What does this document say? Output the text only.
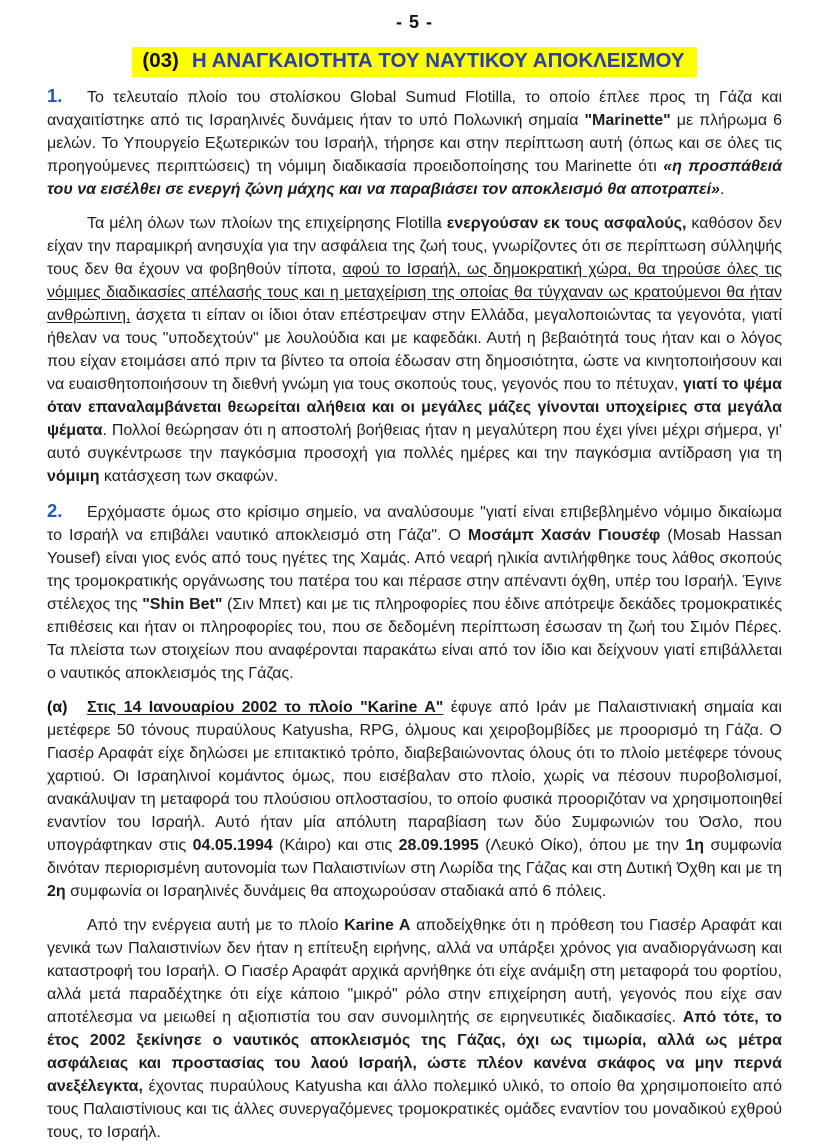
- 5 -
(03) Η ΑΝΑΓΚΑΙΟΤΗΤΑ ΤΟΥ ΝΑΥΤΙΚΟΥ ΑΠΟΚΛΕΙΣΜΟΥ

1. Το τελευταίο πλοίο του στολίσκου Global Sumud Flotilla, το οποίο έπλεε προς τη Γάζα και αναχαιτίστηκε από τις Ισραηλινές δυνάμεις ήταν το υπό Πολωνική σημαία "Marinette" με πλήρωμα 6 μελών. Το Υπουργείο Εξωτερικών του Ισραήλ, τήρησε και στην περίπτωση αυτή (όπως και σε όλες τις προηγούμενες περιπτώσεις) τη νόμιμη διαδικασία προειδοποίησης του Marinette ότι «η προσπάθειά του να εισέλθει σε ενεργή ζώνη μάχης και να παραβιάσει τον αποκλεισμό θα αποτραπεί».

Τα μέλη όλων των πλοίων της επιχείρησης Flotilla ενεργούσαν εκ τους ασφαλούς, καθόσον δεν είχαν την παραμικρή ανησυχία για την ασφάλεια της ζωή τους, γνωρίζοντες ότι σε περίπτωση σύλληψής τους δεν θα έχουν να φοβηθούν τίποτα, αφού το Ισραήλ, ως δημοκρατική χώρα, θα τηρούσε όλες τις νόμιμες διαδικασίες απέλασής τους και η μεταχείριση της οποίας θα τύγχαναν ως κρατούμενοι θα ήταν ανθρώπινη, άσχετα τι είπαν οι ίδιοι όταν επέστρεψαν στην Ελλάδα, μεγαλοποιώντας τα γεγονότα, γιατί ήθελαν να τους "υποδεχτούν" με λουλούδια και με καφεδάκι. Αυτή η βεβαιότητά τους ήταν και ο λόγος που είχαν ετοιμάσει από πριν τα βίντεο τα οποία έδωσαν στη δημοσιότητα, ώστε να κινητοποιήσουν και να ευαισθητοποιήσουν τη διεθνή γνώμη για τους σκοπούς τους, γεγονός που το πέτυχαν, γιατί το ψέμα όταν επαναλαμβάνεται θεωρείται αλήθεια και οι μεγάλες μάζες γίνονται υποχείριες στα μεγάλα ψέματα. Πολλοί θεώρησαν ότι η αποστολή βοήθειας ήταν η μεγαλύτερη που έχει γίνει μέχρι σήμερα, γι' αυτό συγκέντρωσε την παγκόσμια προσοχή για πολλές ημέρες και την παγκόσμια αντίδραση για τη νόμιμη κατάσχεση των σκαφών.

2. Ερχόμαστε όμως στο κρίσιμο σημείο, να αναλύσουμε "γιατί είναι επιβεβλημένο νόμιμο δικαίωμα το Ισραήλ να επιβάλει ναυτικό αποκλεισμό στη Γάζα". Ο Μοσάμπ Χασάν Γιουσέφ (Mosab Hassan Yousef) είναι γιος ενός από τους ηγέτες της Χαμάς. Από νεαρή ηλικία αντιλήφθηκε τους λάθος σκοπούς της τρομοκρατικής οργάνωσης του πατέρα του και πέρασε στην απέναντι όχθη, υπέρ του Ισραήλ. Έγινε στέλεχος της "Shin Bet" (Σιν Μπετ) και με τις πληροφορίες που έδινε απότρεψε δεκάδες τρομοκρατικές επιθέσεις και ήταν οι πληροφορίες του, που σε δεδομένη περίπτωση έσωσαν τη ζωή του Σιμόν Πέρες. Τα πλείστα των στοιχείων που αναφέρονται παρακάτω είναι από τον ίδιο και δείχνουν γιατί επιβάλλεται ο ναυτικός αποκλεισμός της Γάζας.

(α) Στις 14 Ιανουαρίου 2002 το πλοίο "Karine A" έφυγε από Ιράν με Παλαιστινιακή σημαία και μετέφερε 50 τόνους πυραύλους Katyusha, RPG, όλμους και χειροβομβίδες με προορισμό τη Γάζα. Ο Γιασέρ Αραφάτ είχε δηλώσει με επιτακτικό τρόπο, διαβεβαιώνοντας όλους ότι το πλοίο μετέφερε τόνους χαρτιού. Οι Ισραηλινοί κομάντος όμως, που εισέβαλαν στο πλοίο, χωρίς να πέσουν πυροβολισμοί, ανακάλυψαν τη μεταφορά του πλούσιου οπλοστασίου, το οποίο φυσικά προοριζόταν να χρησιμοποιηθεί εναντίον του Ισραήλ. Αυτό ήταν μία απόλυτη παραβίαση των δύο Συμφωνιών του Όσλο, που υπογράφτηκαν στις 04.05.1994 (Κάιρο) και στις 28.09.1995 (Λευκό Οίκο), όπου με την 1η συμφωνία δινόταν περιορισμένη αυτονομία των Παλαιστινίων στη Λωρίδα της Γάζας και στη Δυτική Όχθη και με τη 2η συμφωνία οι Ισραηλινές δυνάμεις θα αποχωρούσαν σταδιακά από 6 πόλεις.

Από την ενέργεια αυτή με το πλοίο Karine A αποδείχθηκε ότι η πρόθεση του Γιασέρ Αραφάτ και γενικά των Παλαιστινίων δεν ήταν η επίτευξη ειρήνης, αλλά να υπάρξει χρόνος για αναδιοργάνωση και καταστροφή του Ισραήλ. Ο Γιασέρ Αραφάτ αρχικά αρνήθηκε ότι είχε ανάμιξη στη μεταφορά του φορτίου, αλλά μετά παραδέχτηκε ότι είχε κάποιο "μικρό" ρόλο στην επιχείρηση αυτή, γεγονός που είχε σαν αποτέλεσμα να μειωθεί η αξιοπιστία του σαν συνομιλητής σε ειρηνευτικές διαδικασίες. Από τότε, το έτος 2002 ξεκίνησε ο ναυτικός αποκλεισμός της Γάζας, όχι ως τιμωρία, αλλά ως μέτρα ασφάλειας και προστασίας του λαού Ισραήλ, ώστε πλέον κανένα σκάφος να μην περνά ανεξέλεγκτα, έχοντας πυραύλους Katyusha και άλλο πολεμικό υλικό, το οποίο θα χρησιμοποιείτο από τους Παλαιστίνιους και τις άλλες συνεργαζόμενες τρομοκρατικές ομάδες εναντίον του μοναδικού εχθρού τους, το Ισραήλ.
